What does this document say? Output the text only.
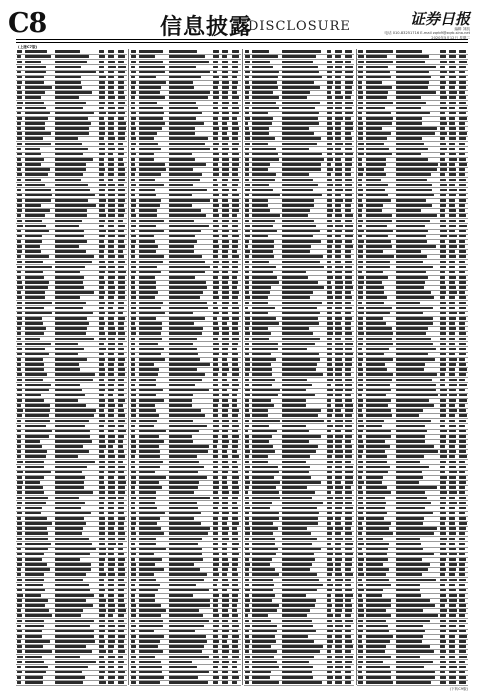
C8	信息披露
DISCLOSURE	证券日报
编辑 刘凯
电话 010-83251716 E-mail zqrb9@zqrb.sina.net
2020年5月12日 星期二
(上接C7版)
(下转C9版)
